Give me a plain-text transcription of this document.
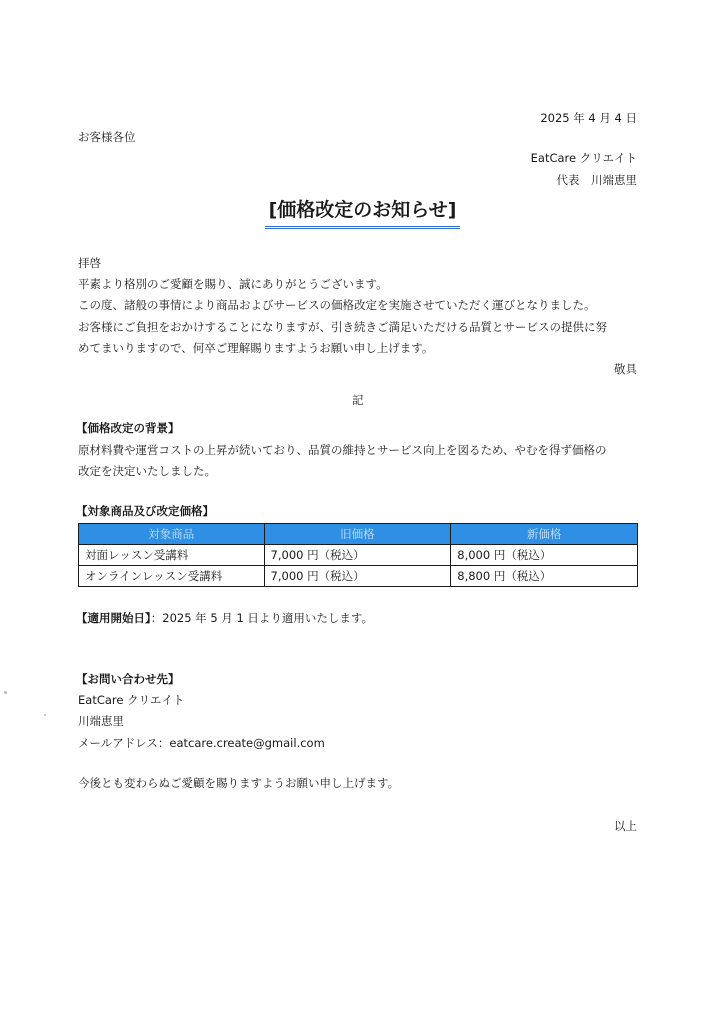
2025 年 4 月 4 日
お客様各位
EatCare クリエイト
代表　川端恵里
[価格改定のお知らせ]
拝啓
平素より格別のご愛顧を賜り、誠にありがとうございます。
この度、諸般の事情により商品およびサービスの価格改定を実施させていただく運びとなりました。
お客様にご負担をおかけすることになりますが、引き続きご満足いただける品質とサービスの提供に努
めてまいりますので、何卒ご理解賜りますようお願い申し上げます。
敬具
記
【価格改定の背景】
原材料費や運営コストの上昇が続いており、品質の維持とサービス向上を図るため、やむを得ず価格の
改定を決定いたしました。
【対象商品及び改定価格】
対象商品	旧価格	新価格
対面レッスン受講料	7,000 円（税込）	8,000 円（税込）
オンラインレッスン受講料	7,000 円（税込）	8,800 円（税込）
【適用開始日】：2025 年 5 月 1 日より適用いたします。
【お問い合わせ先】
EatCare クリエイト
川端恵里
メールアドレス：eatcare.create@gmail.com
今後とも変わらぬご愛顧を賜りますようお願い申し上げます。
以上
